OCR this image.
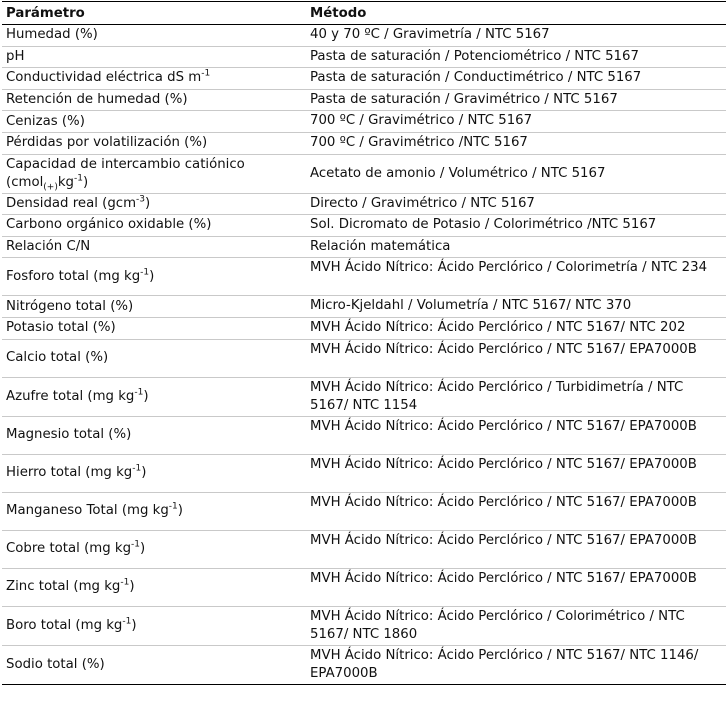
Parámetro	Método
Humedad (%)	40 y 70 ºC / Gravimetría / NTC 5167
pH	Pasta de saturación / Potenciométrico / NTC 5167
Conductividad eléctrica dS $m^{-1}$	Pasta de saturación / Conductimétrico / NTC 5167
Retención de humedad (%)	Pasta de saturación / Gravimétrico / NTC 5167
Cenizas (%)	700 ºC / Gravimétrico / NTC 5167
Pérdidas por volatilización (%)	700 ºC / Gravimétrico /NTC 5167
Capacidad de intercambio catiónico $(cmol_{(+)}kg^{-1})$	Acetato de amonio / Volumétrico / NTC 5167
Densidad real (gcm$^{-3}$)	Directo / Gravimétrico / NTC 5167
Carbono orgánico oxidable (%)	Sol. Dicromato de Potasio / Colorimétrico /NTC 5167
Relación C/N	Relación matemática
Fosforo total (mg $kg^{-1}$)	MVH Ácido Nítrico: Ácido Perclórico / Colorimetría / NTC 234
Nitrógeno total (%)	Micro-Kjeldahl / Volumetría / NTC 5167/ NTC 370
Potasio total (%)	MVH Ácido Nítrico: Ácido Perclórico / NTC 5167/ NTC 202
Calcio total (%)	MVH Ácido Nítrico: Ácido Perclórico / NTC 5167/ EPA7000B
Azufre total (mg $kg^{-1}$)	MVH Ácido Nítrico: Ácido Perclórico / Turbidimetría / NTC 5167/ NTC 1154
Magnesio total (%)	MVH Ácido Nítrico: Ácido Perclórico / NTC 5167/ EPA7000B
Hierro total (mg $kg^{-1}$)	MVH Ácido Nítrico: Ácido Perclórico / NTC 5167/ EPA7000B
Manganeso Total (mg $kg^{-1}$)	MVH Ácido Nítrico: Ácido Perclórico / NTC 5167/ EPA7000B
Cobre total (mg $kg^{-1}$)	MVH Ácido Nítrico: Ácido Perclórico / NTC 5167/ EPA7000B
Zinc total (mg $kg^{-1}$)	MVH Ácido Nítrico: Ácido Perclórico / NTC 5167/ EPA7000B
Boro total (mg $kg^{-1}$)	MVH Ácido Nítrico: Ácido Perclórico / Colorimétrico / NTC 5167/ NTC 1860
Sodio total (%)	MVH Ácido Nítrico: Ácido Perclórico / NTC 5167/ NTC 1146/ EPA7000B
